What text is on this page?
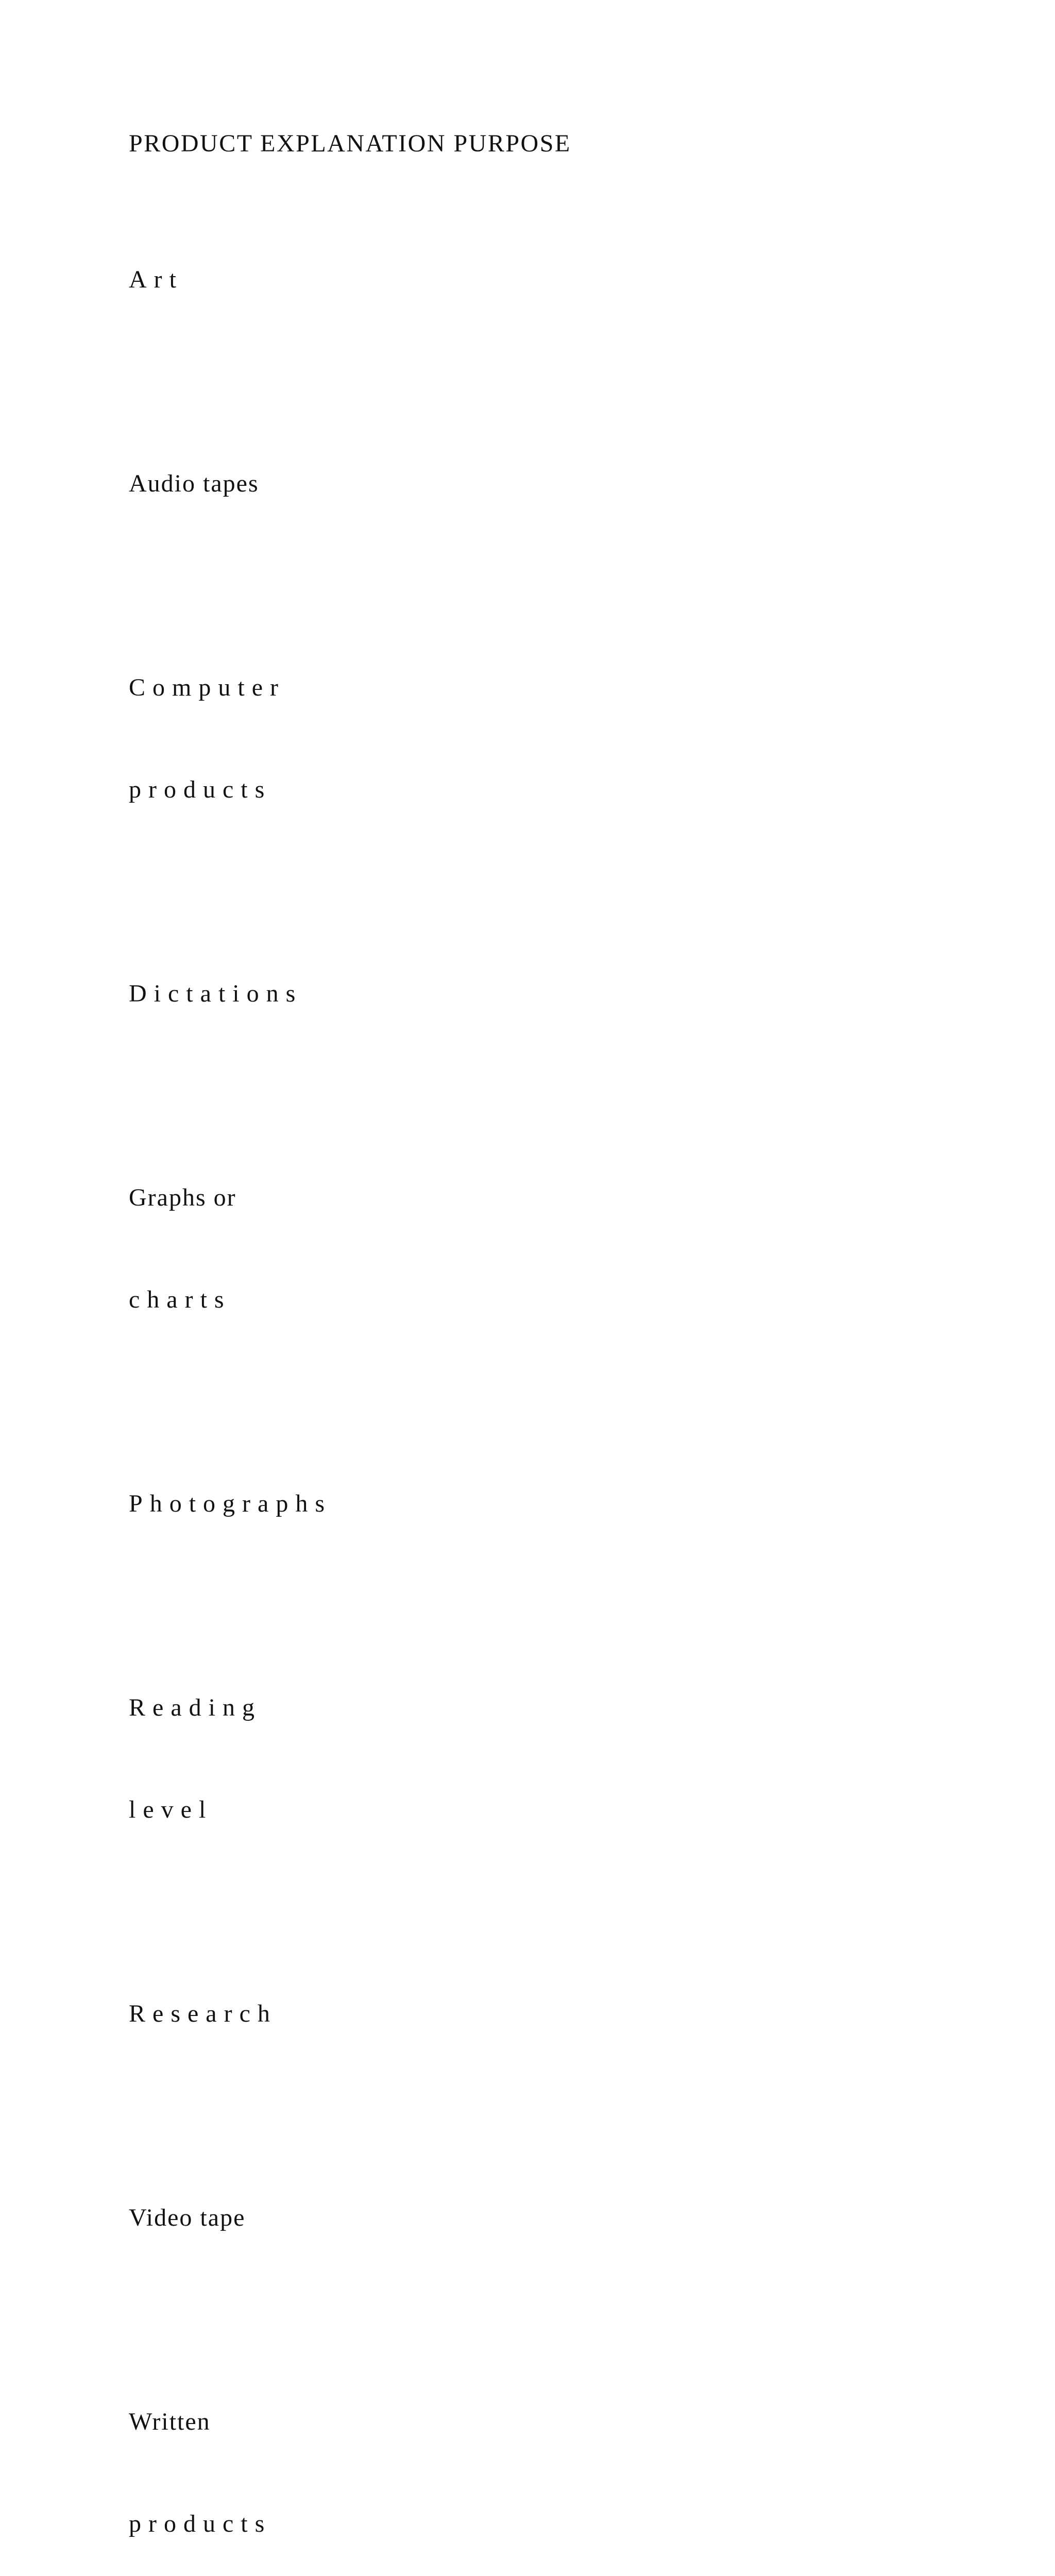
PRODUCT EXPLANATION PURPOSE

Art

Audio tapes

Computer

products

Dictations

Graphs or

charts

Photographs

Reading

level

Research

Video tape

Written

products
